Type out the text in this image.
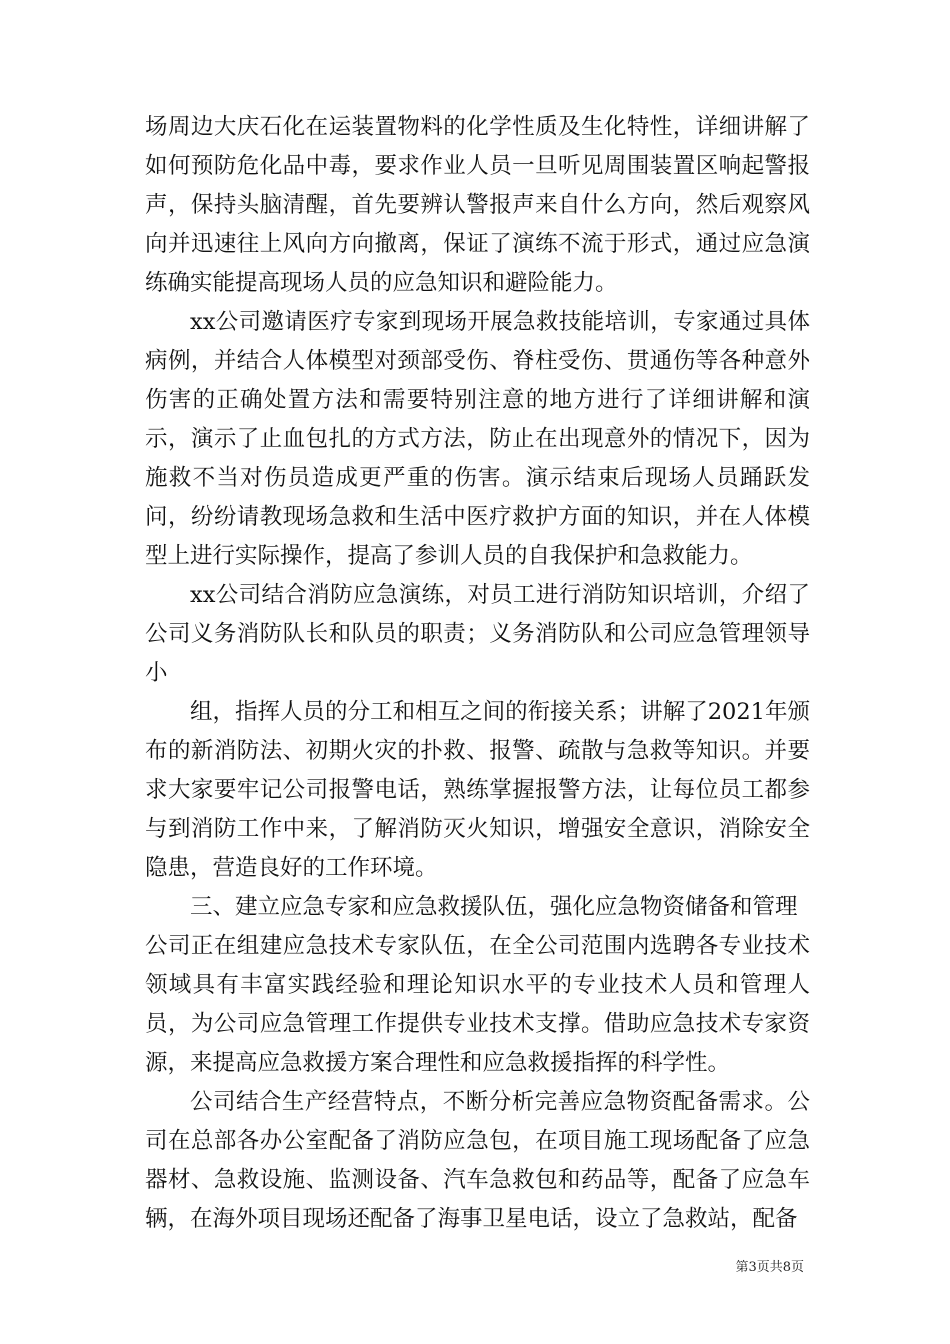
场周边大庆石化在运装置物料的化学性质及生化特性，详细讲解了如何预防危化品中毒，要求作业人员一旦听见周围装置区响起警报声，保持头脑清醒，首先要辨认警报声来自什么方向，然后观察风向并迅速往上风向方向撤离，保证了演练不流于形式，通过应急演练确实能提高现场人员的应急知识和避险能力。

xx公司邀请医疗专家到现场开展急救技能培训，专家通过具体病例，并结合人体模型对颈部受伤、脊柱受伤、贯通伤等各种意外伤害的正确处置方法和需要特别注意的地方进行了详细讲解和演示，演示了止血包扎的方式方法，防止在出现意外的情况下，因为施救不当对伤员造成更严重的伤害。演示结束后现场人员踊跃发问，纷纷请教现场急救和生活中医疗救护方面的知识，并在人体模型上进行实际操作，提高了参训人员的自我保护和急救能力。

xx公司结合消防应急演练，对员工进行消防知识培训，介绍了公司义务消防队长和队员的职责；义务消防队和公司应急管理领导小

组，指挥人员的分工和相互之间的衔接关系；讲解了2021年颁布的新消防法、初期火灾的扑救、报警、疏散与急救等知识。并要求大家要牢记公司报警电话，熟练掌握报警方法，让每位员工都参与到消防工作中来，了解消防灭火知识，增强安全意识，消除安全隐患，营造良好的工作环境。

三、建立应急专家和应急救援队伍，强化应急物资储备和管理

公司正在组建应急技术专家队伍，在全公司范围内选聘各专业技术领域具有丰富实践经验和理论知识水平的专业技术人员和管理人员，为公司应急管理工作提供专业技术支撑。借助应急技术专家资源，来提高应急救援方案合理性和应急救援指挥的科学性。

公司结合生产经营特点，不断分析完善应急物资配备需求。公司在总部各办公室配备了消防应急包，在项目施工现场配备了应急器材、急救设施、监测设备、汽车急救包和药品等，配备了应急车辆，在海外项目现场还配备了海事卫星电话，设立了急救站，配备

第3页共8页
